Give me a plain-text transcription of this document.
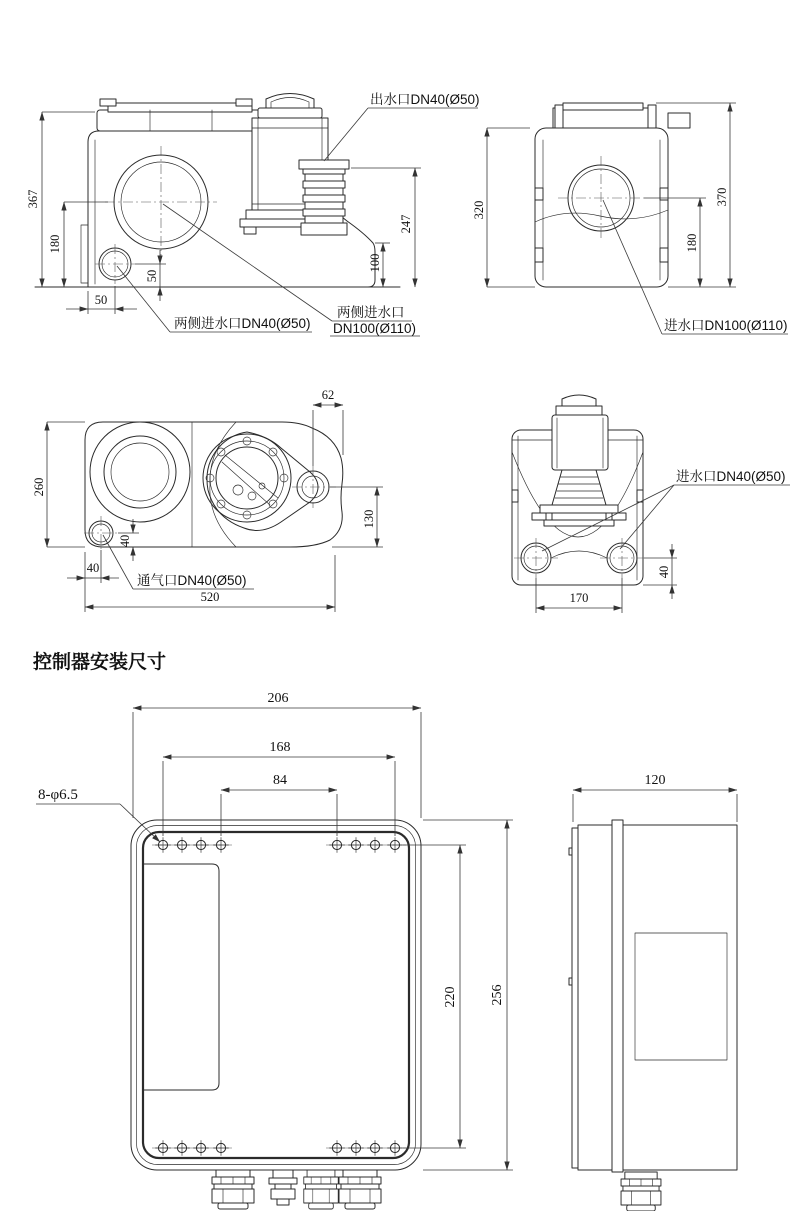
367
180
50
50
100
247
出水口DN40(Ø50)
两侧进水口DN40(Ø50)
两侧进水口
DN100(Ø110)
320
370
180
进水口DN100(Ø110)
260
62
130
40
40
520
通气口DN40(Ø50)
170
40
进水口DN40(Ø50)
控制器安装尺寸
206
168
84
8-φ6.5
220 256
120
